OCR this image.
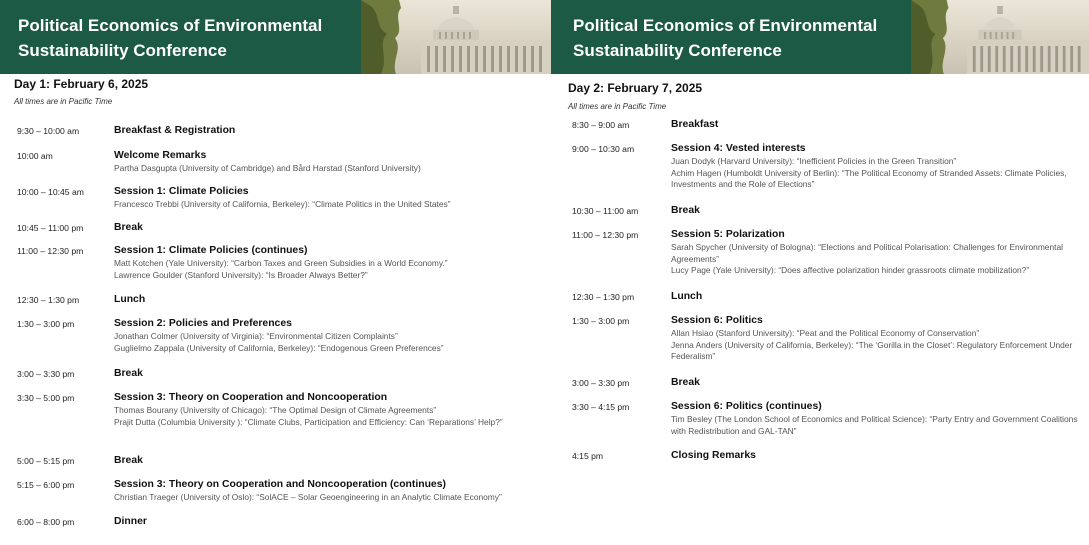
Political Economics of Environmental
Sustainability Conference
Day 1: February 6, 2025
All times are in Pacific Time
9:30 – 10:00 am	Breakfast & Registration
10:00 am	Welcome Remarks
Partha Dasgupta (University of Cambridge) and Bård Harstad (Stanford University)
10:00 – 10:45 am	Session 1: Climate Policies
Francesco Trebbi (University of California, Berkeley): “Climate Politics in the United States”
10:45 – 11:00 pm	Break
11:00 – 12:30 pm	Session 1: Climate Policies (continues)
Matt Kotchen (Yale University): “Carbon Taxes and Green Subsidies in a World Economy.”
Lawrence Goulder (Stanford University): “Is Broader Always Better?”
12:30 – 1:30 pm	Lunch
1:30 – 3:00 pm	Session 2: Policies and Preferences
Jonathan Colmer (University of Virginia): “Environmental Citizen Complaints”
Guglielmo Zappala (University of California, Berkeley): “Endogenous Green Preferences”
3:00 – 3:30 pm	Break
3:30 – 5:00 pm	Session 3: Theory on Cooperation and Noncooperation
Thomas Bourany (University of Chicago): “The Optimal Design of Climate Agreements”
Prajit Dutta (Columbia University ): “Climate Clubs, Participation and Efficiency: Can ‘Reparations’ Help?”
5:00 – 5:15 pm	Break
5:15 – 6:00 pm	Session 3: Theory on Cooperation and Noncooperation (continues)
Christian Traeger (University of Oslo): “SolACE – Solar Geoengineering in an Analytic Climate Economy”
6:00 – 8:00 pm	Dinner
Political Economics of Environmental
Sustainability Conference
Day 2: February 7, 2025
All times are in Pacific Time
8:30 – 9:00 am	Breakfast
9:00 – 10:30 am	Session 4: Vested interests
Juan Dodyk (Harvard University): “Inefficient Policies in the Green Transition”
Achim Hagen (Humboldt University of Berlin): “The Political Economy of Stranded Assets: Climate Policies, Investments and the Role of Elections”
10:30 – 11:00 am	Break
11:00 – 12:30 pm	Session 5: Polarization
Sarah Spycher (University of Bologna): “Elections and Political Polarisation: Challenges for Environmental Agreements”
Lucy Page (Yale University): “Does affective polarization hinder grassroots climate mobilization?”
12:30 – 1:30 pm	Lunch
1:30 – 3:00 pm	Session 6: Politics
Allan Hsiao (Stanford University): “Peat and the Political Economy of Conservation”
Jenna Anders (University of California, Berkeley): “The ‘Gorilla in the Closet’: Regulatory Enforcement Under Federalism”
3:00 – 3:30 pm	Break
3:30 – 4:15 pm	Session 6: Politics (continues)
Tim Besley (The London School of Economics and Political Science): “Party Entry and Government Coalitions with Redistribution and GAL-TAN”
4:15 pm	Closing Remarks
